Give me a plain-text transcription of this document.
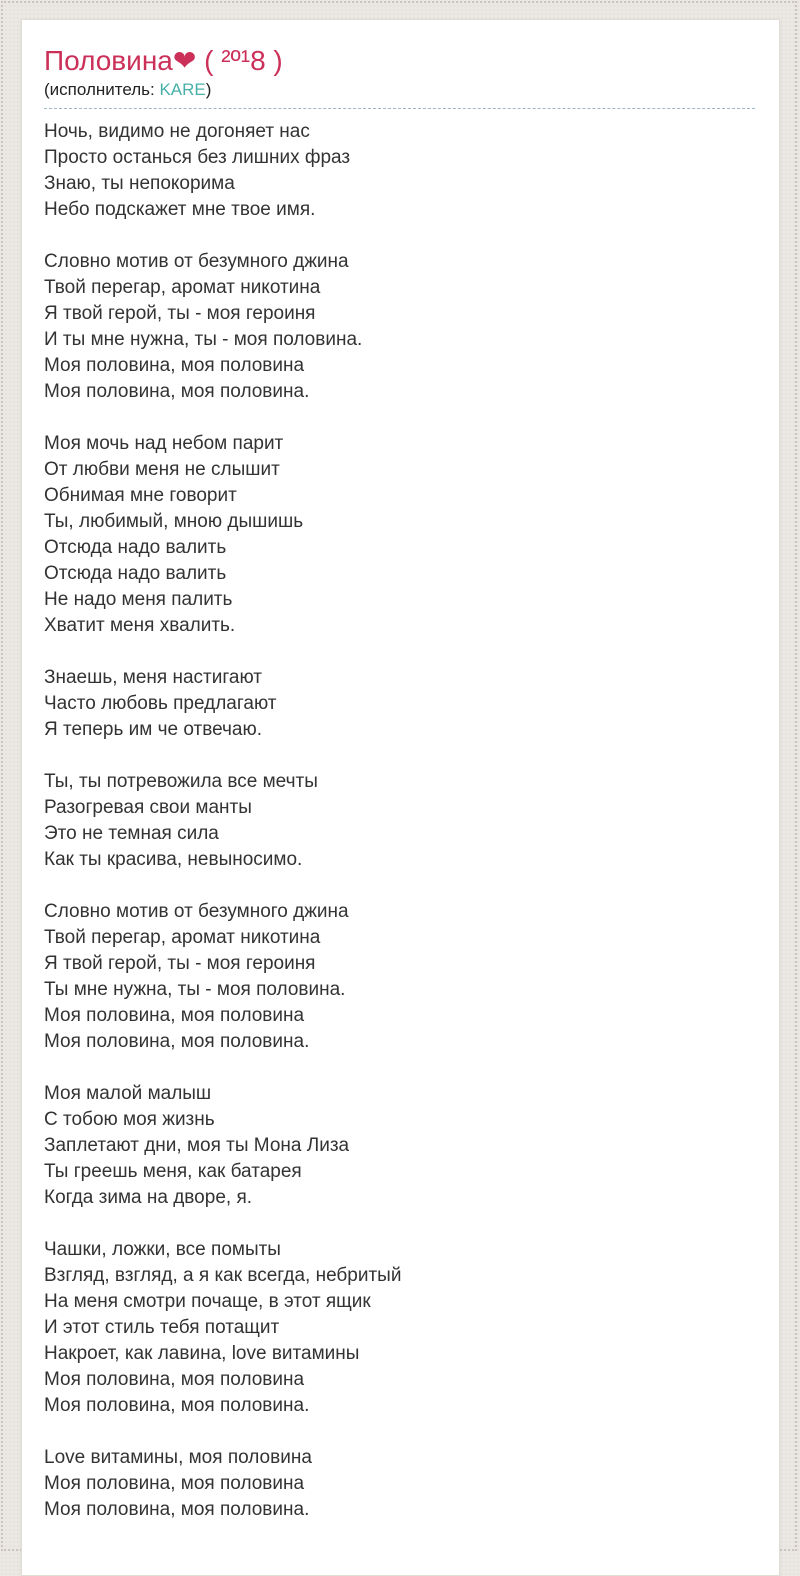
Половина❤ ( ²º¹8 )
(исполнитель: KARE)

Ночь, видимо не догоняет нас
Просто останься без лишних фраз
Знаю, ты непокорима
Небо подскажет мне твое имя.

Словно мотив от безумного джина
Твой перегар, аромат никотина
Я твой герой, ты - моя героиня
И ты мне нужна, ты - моя половина.
Моя половина, моя половина
Моя половина, моя половина.

Моя мочь над небом парит
От любви меня не слышит
Обнимая мне говорит
Ты, любимый, мною дышишь
Отсюда надо валить
Отсюда надо валить
Не надо меня палить
Хватит меня хвалить.

Знаешь, меня настигают
Часто любовь предлагают
Я теперь им че отвечаю.

Ты, ты потревожила все мечты
Разогревая свои манты
Это не темная сила
Как ты красива, невыносимо.

Словно мотив от безумного джина
Твой перегар, аромат никотина
Я твой герой, ты - моя героиня
Ты мне нужна, ты - моя половина.
Моя половина, моя половина
Моя половина, моя половина.

Моя малой малыш
С тобою моя жизнь
Заплетают дни, моя ты Мона Лиза
Ты греешь меня, как батарея
Когда зима на дворе, я.

Чашки, ложки, все помыты
Взгляд, взгляд, а я как всегда, небритый
На меня смотри почаще, в этот ящик
И этот стиль тебя потащит
Накроет, как лавина, love витамины
Моя половина, моя половина
Моя половина, моя половина.

Love витамины, моя половина
Моя половина, моя половина
Моя половина, моя половина.
